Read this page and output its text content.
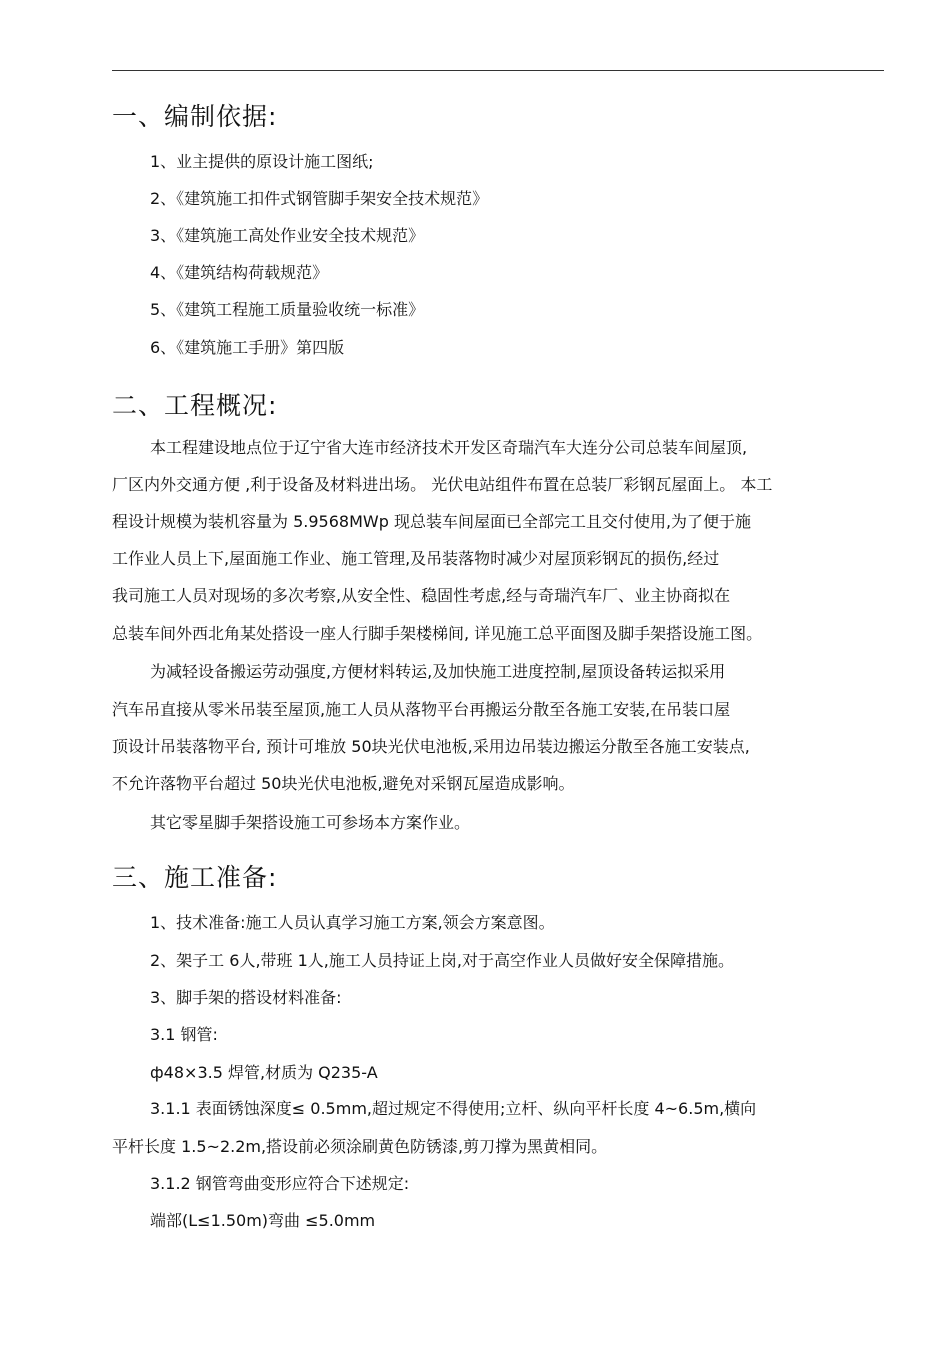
一、编制依据:
1、业主提供的原设计施工图纸;
2、《建筑施工扣件式钢管脚手架安全技术规范》
3、《建筑施工高处作业安全技术规范》
4、《建筑结构荷载规范》
5、《建筑工程施工质量验收统一标准》
6、《建筑施工手册》第四版
二、工程概况:
本工程建设地点位于辽宁省大连市经济技术开发区奇瑞汽车大连分公司总装车间屋顶,
厂区内外交通方便 ,利于设备及材料进出场。 光伏电站组件布置在总装厂彩钢瓦屋面上。 本工
程设计规模为装机容量为 5.9568MWp 现总装车间屋面已全部完工且交付使用,为了便于施
工作业人员上下,屋面施工作业、施工管理,及吊装落物时减少对屋顶彩钢瓦的损伤,经过
我司施工人员对现场的多次考察,从安全性、稳固性考虑,经与奇瑞汽车厂、业主协商拟在
总装车间外西北角某处搭设一座人行脚手架楼梯间, 详见施工总平面图及脚手架搭设施工图。
为减轻设备搬运劳动强度,方便材料转运,及加快施工进度控制,屋顶设备转运拟采用
汽车吊直接从零米吊装至屋顶,施工人员从落物平台再搬运分散至各施工安装,在吊装口屋
顶设计吊装落物平台, 预计可堆放 50块光伏电池板,采用边吊装边搬运分散至各施工安装点,
不允许落物平台超过 50块光伏电池板,避免对采钢瓦屋造成影响。
其它零星脚手架搭设施工可参场本方案作业。
三、施工准备:
1、技术准备:施工人员认真学习施工方案,领会方案意图。
2、架子工 6人,带班 1人,施工人员持证上岗,对于高空作业人员做好安全保障措施。
3、脚手架的搭设材料准备:
3.1 钢管:
ф48×3.5 焊管,材质为 Q235-A
3.1.1 表面锈蚀深度≤ 0.5mm,超过规定不得使用;立杆、纵向平杆长度 4~6.5m,横向
平杆长度 1.5~2.2m,搭设前必须涂刷黄色防锈漆,剪刀撑为黑黄相同。
3.1.2 钢管弯曲变形应符合下述规定:
端部(L≤1.50m)弯曲 ≤5.0mm
